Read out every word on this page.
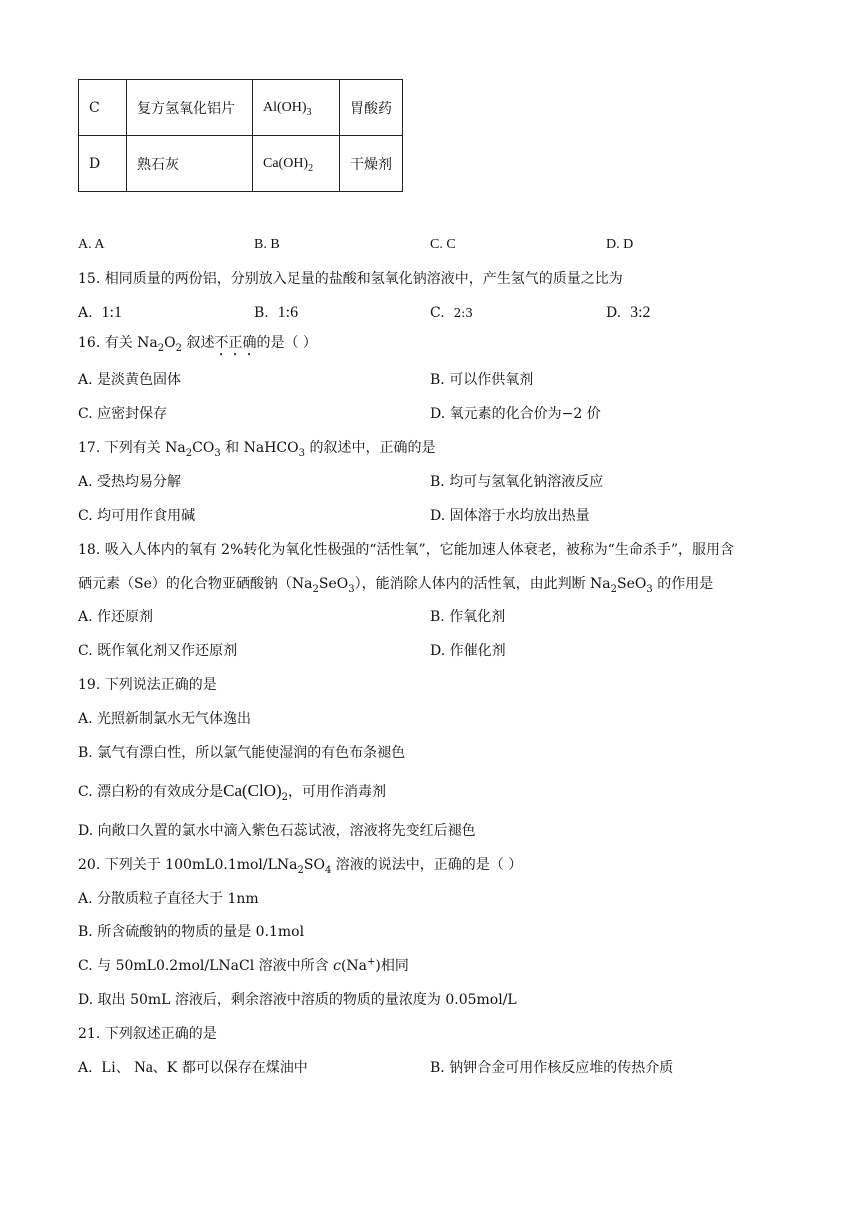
C	复方氢氧化铝片	$Al(OH)_3$	胃酸药
D	熟石灰	$Ca(OH)_2$	干燥剂
A. A	B. B	C. C	D. D
15. 相同质量的两份铝，分别放入足量的盐酸和氢氧化钠溶液中，产生氢气的质量之比为
A. 1:1	B. 1:6	C. 2:3	D. 3:2
16. 有关 $Na_2O_2$ 叙述不正确的是（ ）
A. 是淡黄色固体	B. 可以作供氧剂
C. 应密封保存	D. 氧元素的化合价为−2 价
17. 下列有关 $Na_2CO_3$ 和 NaHCO$_3$ 的叙述中，正确的是
A. 受热均易分解	B. 均可与氢氧化钠溶液反应
C. 均可用作食用碱	D. 固体溶于水均放出热量
18. 吸入人体内的氧有 2%转化为氧化性极强的“活性氧”，它能加速人体衰老，被称为“生命杀手”，服用含
硒元素（Se）的化合物亚硒酸钠$(Na_2SeO_3)$，能消除人体内的活性氧，由此判断 $Na_2SeO_3$ 的作用是
A. 作还原剂	B. 作氧化剂
C. 既作氧化剂又作还原剂	D. 作催化剂
19. 下列说法正确的是
A. 光照新制氯水无气体逸出
B. 氯气有漂白性，所以氯气能使湿润的有色布条褪色
C. 漂白粉的有效成分是$Ca(ClO)_2$，可用作消毒剂
D. 向敞口久置的氯水中滴入紫色石蕊试液，溶液将先变红后褪色
20. 下列关于 $100mL0.1mol/LNa_2SO_4$ 溶液的说法中，正确的是（ ）
A. 分散质粒子直径大于 1nm
B. 所含硫酸钠的物质的量是 0.1mol
C. 与 50mL0.2mol/LNaCl 溶液中所含 c(Na+)相同
D. 取出 50mL 溶液后，剩余溶液中溶质的物质的量浓度为 0.05mol/L
21. 下列叙述正确的是
A. Li、 Na、K 都可以保存在煤油中	B. 钠钾合金可用作核反应堆的传热介质
